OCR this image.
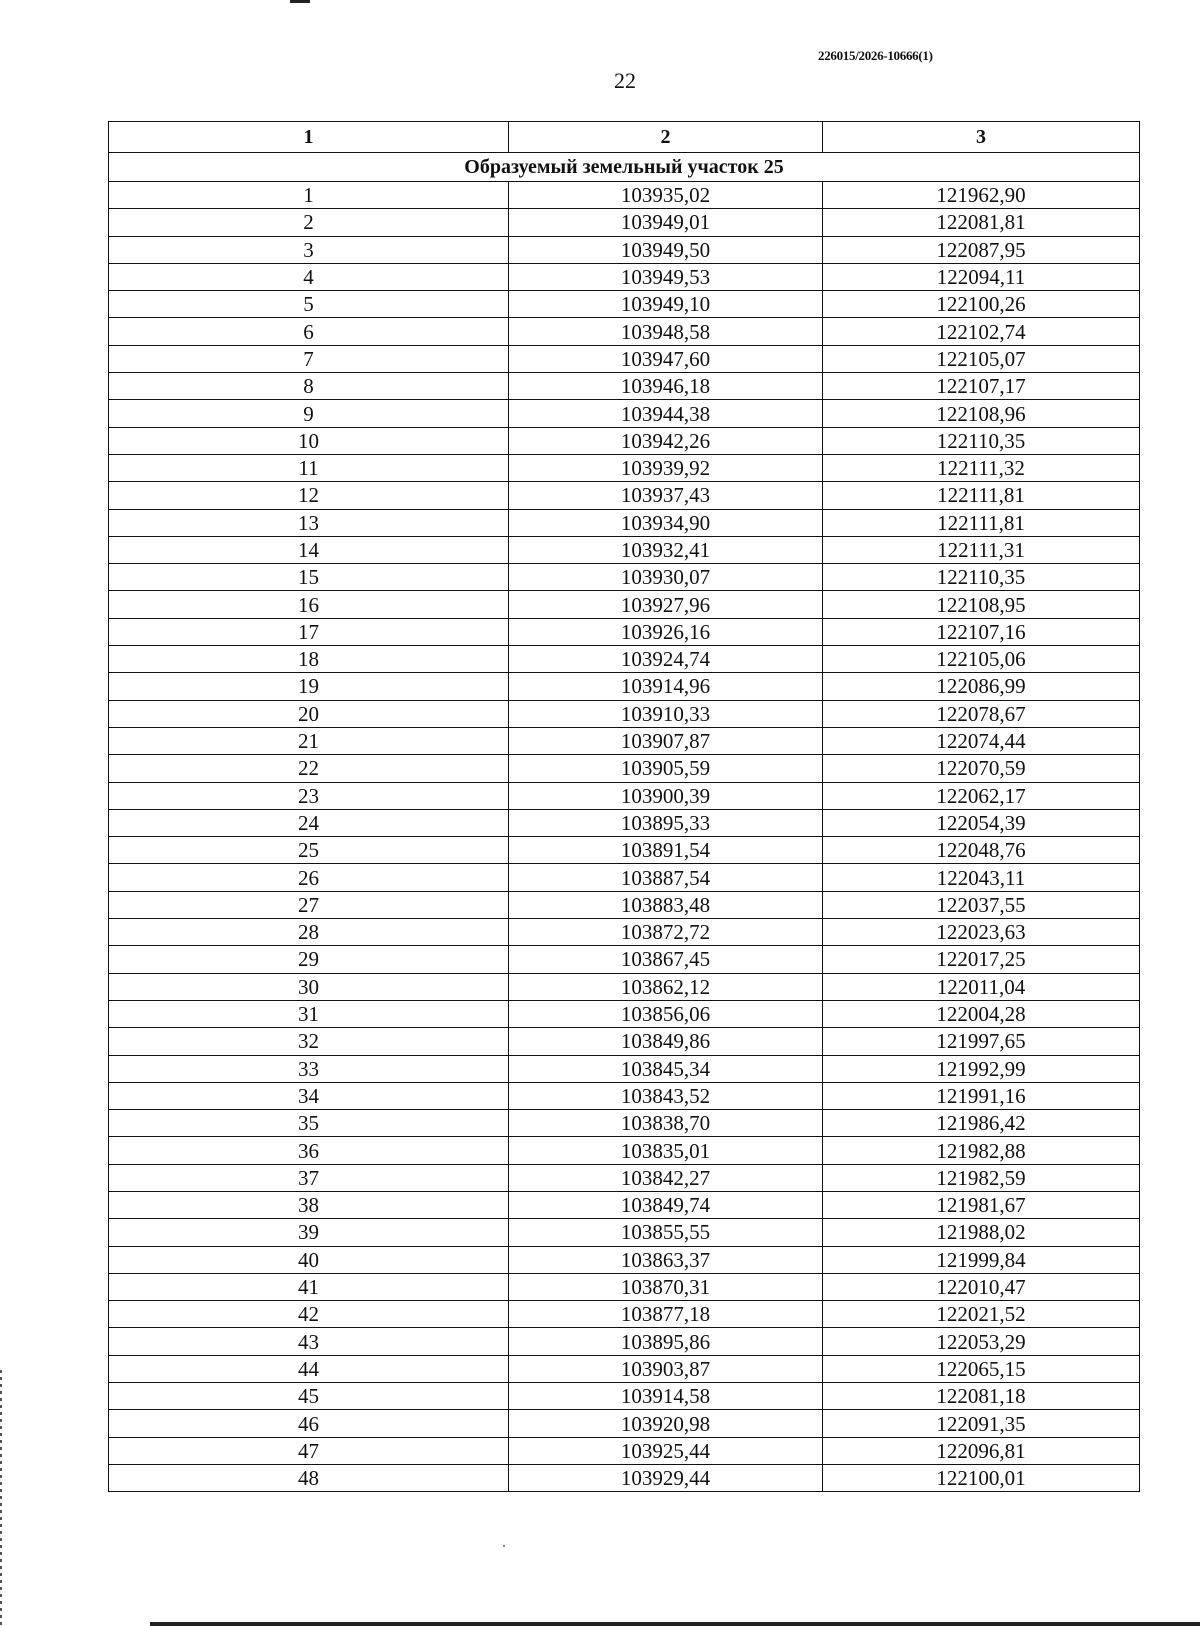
226015/2026-10666(1)
22
1	2	3
Образуемый земельный участок 25		
1	103935,02	121962,90
2	103949,01	122081,81
3	103949,50	122087,95
4	103949,53	122094,11
5	103949,10	122100,26
6	103948,58	122102,74
7	103947,60	122105,07
8	103946,18	122107,17
9	103944,38	122108,96
10	103942,26	122110,35
11	103939,92	122111,32
12	103937,43	122111,81
13	103934,90	122111,81
14	103932,41	122111,31
15	103930,07	122110,35
16	103927,96	122108,95
17	103926,16	122107,16
18	103924,74	122105,06
19	103914,96	122086,99
20	103910,33	122078,67
21	103907,87	122074,44
22	103905,59	122070,59
23	103900,39	122062,17
24	103895,33	122054,39
25	103891,54	122048,76
26	103887,54	122043,11
27	103883,48	122037,55
28	103872,72	122023,63
29	103867,45	122017,25
30	103862,12	122011,04
31	103856,06	122004,28
32	103849,86	121997,65
33	103845,34	121992,99
34	103843,52	121991,16
35	103838,70	121986,42
36	103835,01	121982,88
37	103842,27	121982,59
38	103849,74	121981,67
39	103855,55	121988,02
40	103863,37	121999,84
41	103870,31	122010,47
42	103877,18	122021,52
43	103895,86	122053,29
44	103903,87	122065,15
45	103914,58	122081,18
46	103920,98	122091,35
47	103925,44	122096,81
48	103929,44	122100,01
